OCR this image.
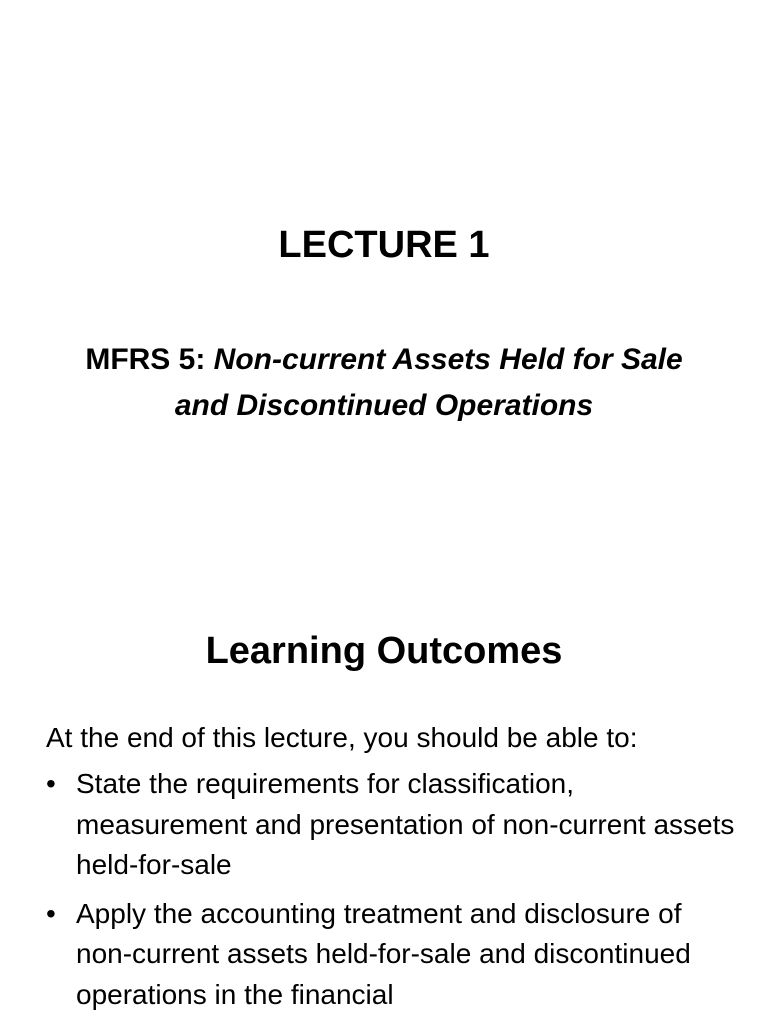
LECTURE 1
MFRS 5: Non-current Assets Held for Sale and Discontinued Operations
Learning Outcomes
At the end of this lecture, you should be able to:
• State the requirements for classification, measurement and presentation of non-current assets held-for-sale
• Apply the accounting treatment and disclosure of non-current assets held-for-sale and discontinued operations in the financial
